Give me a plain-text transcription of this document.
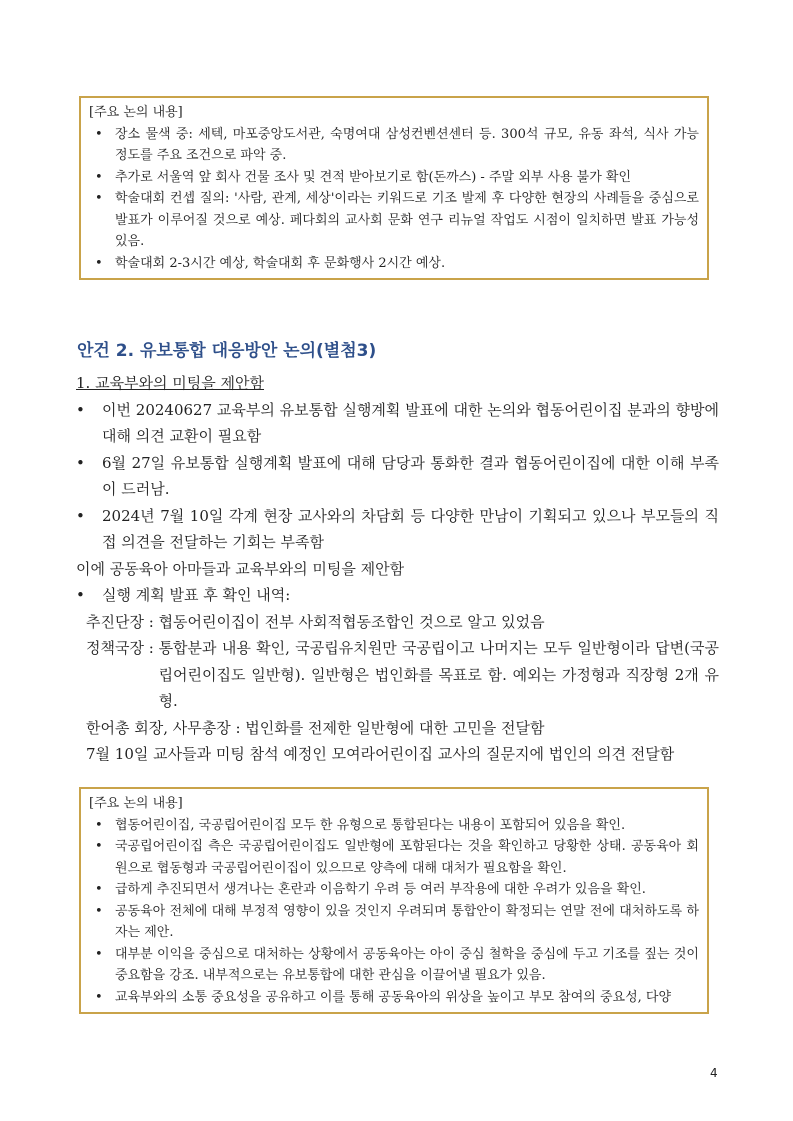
[주요 논의 내용]

• 장소 물색 중: 세텍, 마포중앙도서관, 숙명여대 삼성컨벤션센터 등. 300석 규모, 유동 좌석, 식사 가능 정도를 주요 조건으로 파악 중.
• 추가로 서울역 앞 회사 건물 조사 및 견적 받아보기로 함(돈까스) - 주말 외부 사용 불가 확인
• 학술대회 컨셉 질의: '사람, 관계, 세상'이라는 키워드로 기조 발제 후 다양한 현장의 사례들을 중심으로 발표가 이루어질 것으로 예상. 페다회의 교사회 문화 연구 리뉴얼 작업도 시점이 일치하면 발표 가능성 있음.
• 학술대회 2-3시간 예상, 학술대회 후 문화행사 2시간 예상.
안건 2. 유보통합 대응방안 논의(별첨3)

1. 교육부와의 미팅을 제안함

• 이번 20240627 교육부의 유보통합 실행계획 발표에 대한 논의와 협동어린이집 분과의 향방에 대해 의견 교환이 필요함
• 6월 27일 유보통합 실행계획 발표에 대해 담당과 통화한 결과 협동어린이집에 대한 이해 부족이 드러남.
• 2024년 7월 10일 각계 현장 교사와의 차담회 등 다양한 만남이 기획되고 있으나 부모들의 직접 의견을 전달하는 기회는 부족함

이에 공동육아 아마들과 교육부와의 미팅을 제안함

• 실행 계획 발표 후 확인 내역:
추진단장 : 협동어린이집이 전부 사회적협동조합인 것으로 알고 있었음
정책국장 : 통합분과 내용 확인, 국공립유치원만 국공립이고 나머지는 모두 일반형이라 답변(국공립어린이집도 일반형). 일반형은 법인화를 목표로 함. 예외는 가정형과 직장형 2개 유형.

한어총 회장, 사무총장 : 법인화를 전제한 일반형에 대한 고민을 전달함

7월 10일 교사들과 미팅 참석 예정인 모여라어린이집 교사의 질문지에 법인의 의견 전달함

[주요 논의 내용]

• 협동어린이집, 국공립어린이집 모두 한 유형으로 통합된다는 내용이 포함되어 있음을 확인.
• 국공립어린이집 측은 국공립어린이집도 일반형에 포함된다는 것을 확인하고 당황한 상태. 공동육아 회원으로 협동형과 국공립어린이집이 있으므로 양측에 대해 대처가 필요함을 확인.
• 급하게 추진되면서 생겨나는 혼란과 이음학기 우려 등 여러 부작용에 대한 우려가 있음을 확인.
• 공동육아 전체에 대해 부정적 영향이 있을 것인지 우려되며 통합안이 확정되는 연말 전에 대처하도록 하자는 제안.
• 대부분 이익을 중심으로 대처하는 상황에서 공동육아는 아이 중심 철학을 중심에 두고 기조를 짚는 것이 중요함을 강조. 내부적으로는 유보통합에 대한 관심을 이끌어낼 필요가 있음.
• 교육부와의 소통 중요성을 공유하고 이를 통해 공동육아의 위상을 높이고 부모 참여의 중요성, 다양
4
